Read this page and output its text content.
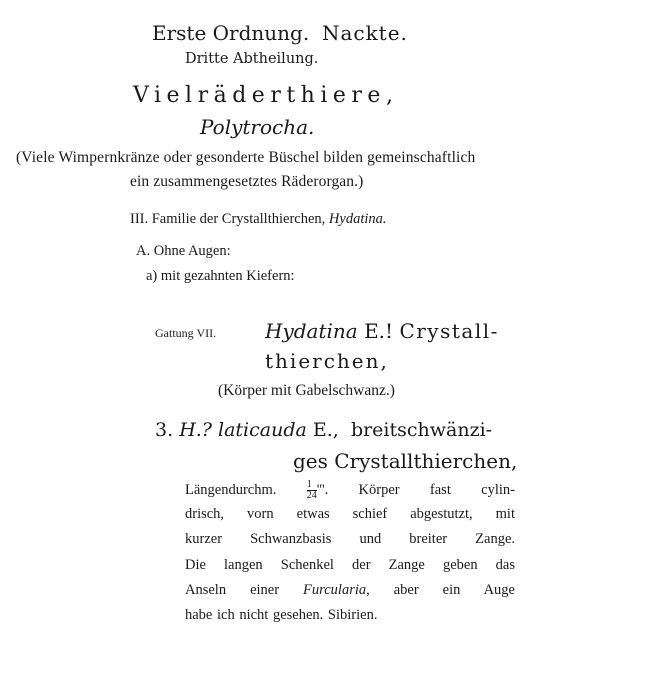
Erste Ordnung. Nackte.
Dritte Abtheilung.
Vielräderthiere,
Polytrocha.
(Viele Wimpernkränze oder gesonderte Büschel bilden gemeinschaftlich
ein zusammengesetztes Räderorgan.)
III. Familie der Crystallthierchen, Hydatina.
A. Ohne Augen:
a) mit gezahnten Kiefern:
Gattung VII. Hydatina E.! Crystall-
thierchen,
(Körper mit Gabelschwanz.)
3. H.? laticauda E., breitschwänzi-
ges Crystallthierchen,
Längendurchm.	$\frac{1}{24}$ '''. Körper fast cylin-
drisch, vorn etwas schief abgestutzt, mit
kurzer Schwanzbasis und breiter Zange.
Die langen Schenkel der Zange geben das
Anseln einer Furcularia, aber ein Auge
habe ich nicht gesehen. Sibirien.
